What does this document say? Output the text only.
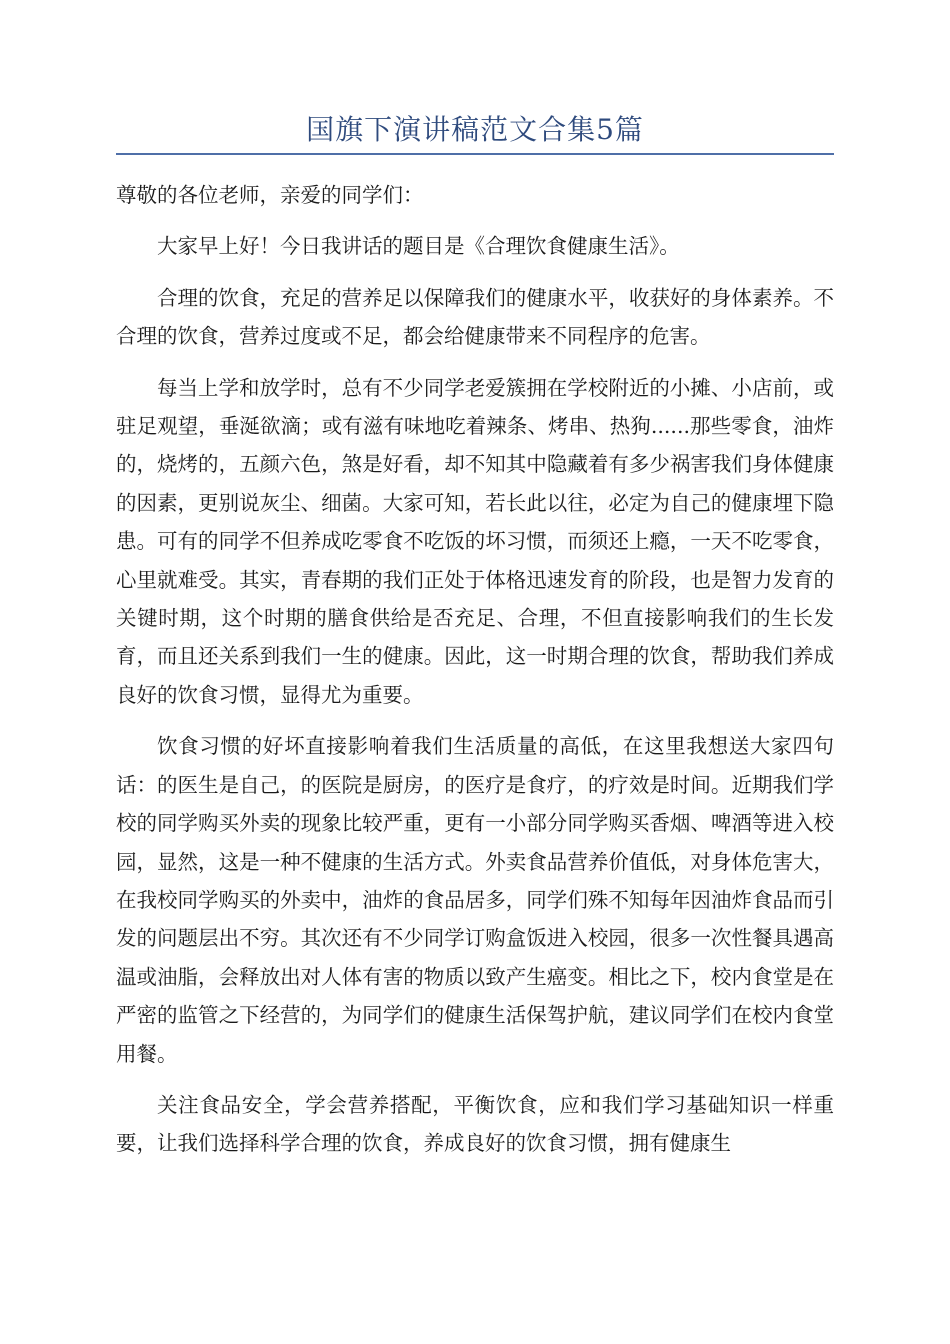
国旗下演讲稿范文合集5篇

尊敬的各位老师，亲爱的同学们：

大家早上好！今日我讲话的题目是《合理饮食健康生活》。

合理的饮食，充足的营养足以保障我们的健康水平，收获好的身体素养。不合理的饮食，营养过度或不足，都会给健康带来不同程序的危害。

每当上学和放学时，总有不少同学老爱簇拥在学校附近的小摊、小店前，或驻足观望，垂涎欲滴；或有滋有味地吃着辣条、烤串、热狗......那些零食，油炸的，烧烤的，五颜六色，煞是好看，却不知其中隐藏着有多少祸害我们身体健康的因素，更别说灰尘、细菌。大家可知，若长此以往，必定为自己的健康埋下隐患。可有的同学不但养成吃零食不吃饭的坏习惯，而须还上瘾，一天不吃零食，心里就难受。其实，青春期的我们正处于体格迅速发育的阶段，也是智力发育的关键时期，这个时期的膳食供给是否充足、合理，不但直接影响我们的生长发育，而且还关系到我们一生的健康。因此，这一时期合理的饮食，帮助我们养成良好的饮食习惯，显得尤为重要。

饮食习惯的好坏直接影响着我们生活质量的高低，在这里我想送大家四句话：的医生是自己，的医院是厨房，的医疗是食疗，的疗效是时间。近期我们学校的同学购买外卖的现象比较严重，更有一小部分同学购买香烟、啤酒等进入校园，显然，这是一种不健康的生活方式。外卖食品营养价值低，对身体危害大，在我校同学购买的外卖中，油炸的食品居多，同学们殊不知每年因油炸食品而引发的问题层出不穷。其次还有不少同学订购盒饭进入校园，很多一次性餐具遇高温或油脂，会释放出对人体有害的物质以致产生癌变。相比之下，校内食堂是在严密的监管之下经营的，为同学们的健康生活保驾护航，建议同学们在校内食堂用餐。

关注食品安全，学会营养搭配，平衡饮食，应和我们学习基础知识一样重要，让我们选择科学合理的饮食，养成良好的饮食习惯，拥有健康生
